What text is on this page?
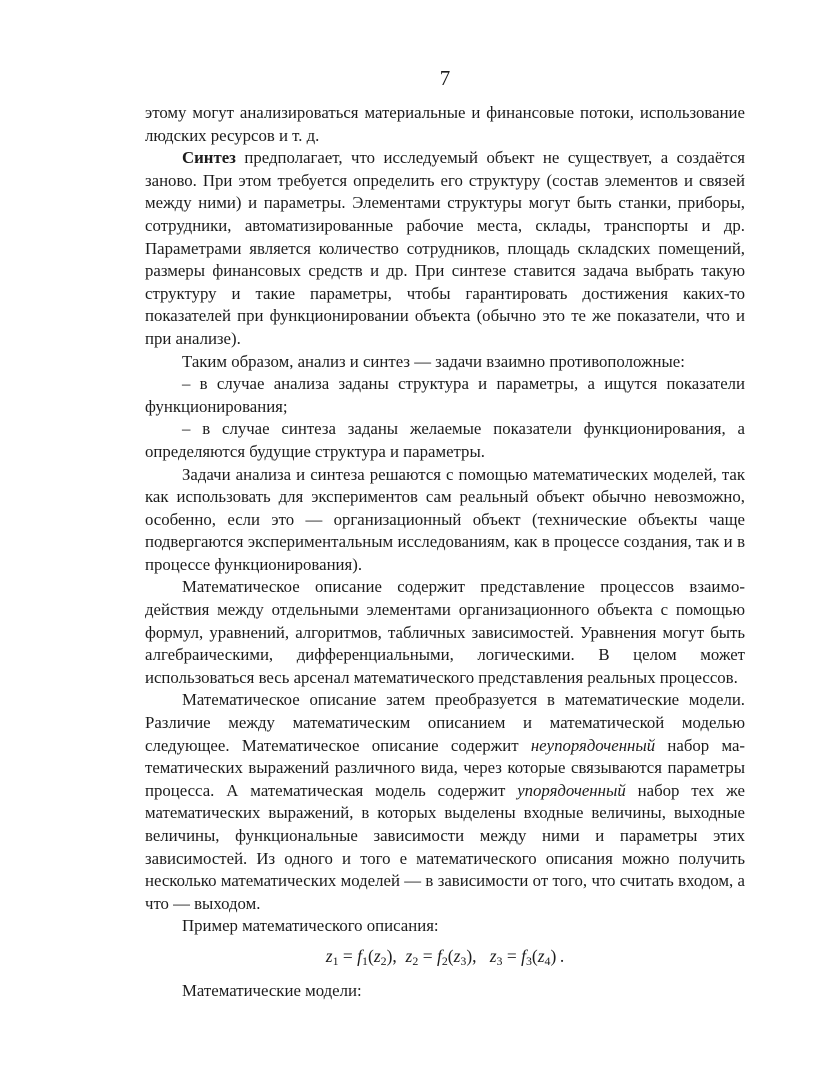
7

этому могут анализироваться материальные и финансовые потоки, использование людских ресурсов и т. д.

Синтез предполагает, что исследуемый объект не существует, а создаётся заново. При этом требуется определить его структуру (состав элементов и связей между ними) и параметры. Элементами структуры могут быть станки, приборы, сотрудники, автоматизированные рабочие места, склады, транспорты и др. Параметрами является количество сотрудников, площадь складских помещений, размеры финансовых средств и др. При синтезе ставится задача выбрать такую структуру и такие параметры, чтобы гарантировать достижения каких-то показателей при функционировании объекта (обычно это те же показатели, что и при анализе).

Таким образом, анализ и синтез — задачи взаимно противоположные:

– в случае анализа заданы структура и параметры, а ищутся показатели функционирования;

– в случае синтеза заданы желаемые показатели функционирования, а определяются будущие структура и параметры.

Задачи анализа и синтеза решаются с помощью математических моделей, так как использовать для экспериментов сам реальный объект обычно невозможно, особенно, если это — организационный объект (технические объекты чаще подвергаются экспериментальным исследованиям, как в процессе создания, так и в процессе функционирования).

Математическое описание содержит представление процессов взаимодействия между отдельными элементами организационного объекта с помощью формул, уравнений, алгоритмов, табличных зависимостей. Уравнения могут быть алгебраическими, дифференциальными, логическими. В целом может использоваться весь арсенал математического представления реальных процессов.

Математическое описание затем преобразуется в математические модели. Различие между математическим описанием и математической моделью следующее. Математическое описание содержит неупорядоченный набор математических выражений различного вида, через которые связываются параметры процесса. А математическая модель содержит упорядоченный набор тех же математических выражений, в которых выделены входные величины, выходные величины, функциональные зависимости между ними и параметры этих зависимостей. Из одного и того е математического описания можно получить несколько математических моделей — в зависимости от того, что считать входом, а что — выходом.

Пример математического описания:

$z_1 = f_1(z_2)$,  $z_2 = f_2(z_3)$,   $z_3 = f_3(z_4)$ .

Математические модели:
